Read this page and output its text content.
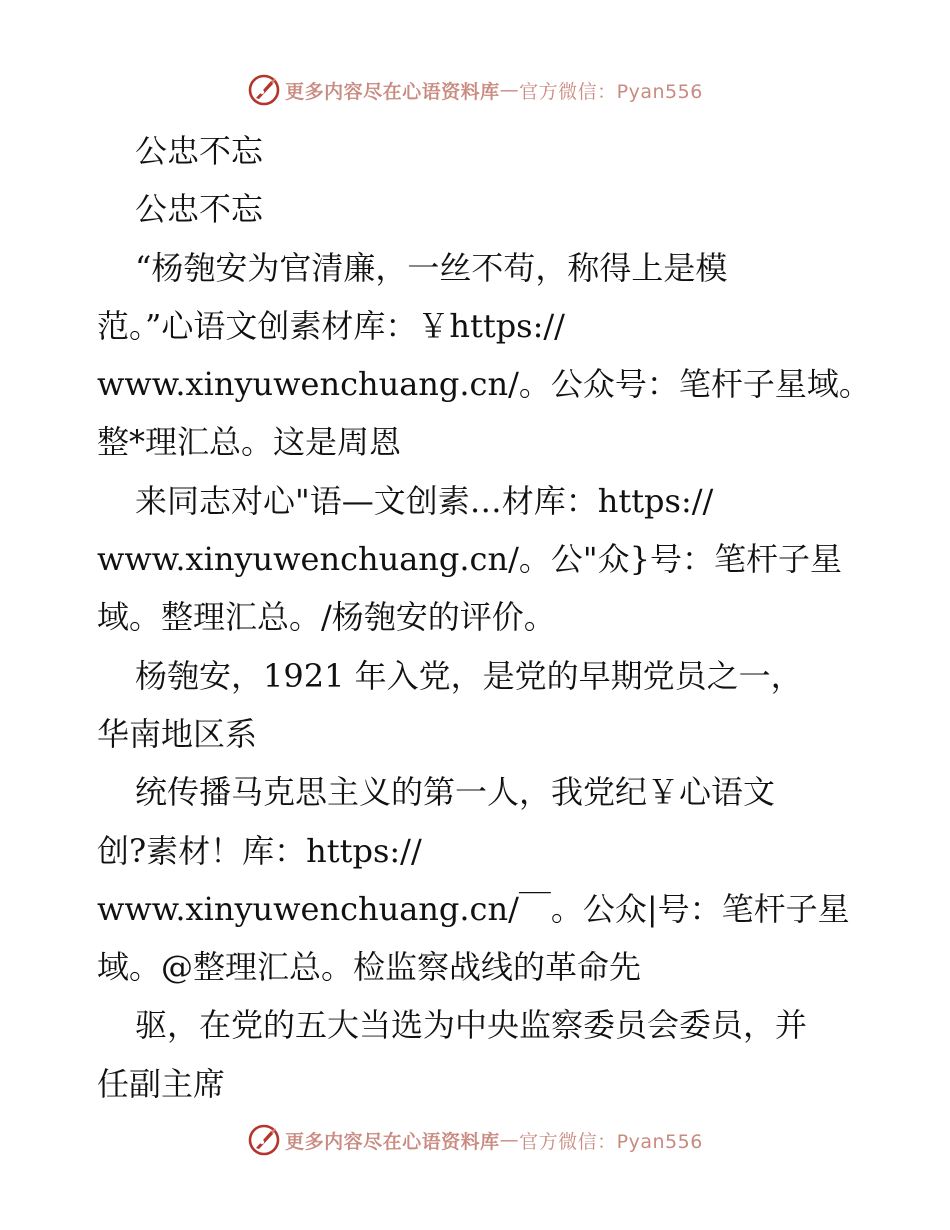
更多内容尽在心语资料库 — 官方微信：Pyan556
公忠不忘
公忠不忘
“杨匏安为官清廉，一丝不苟，称得上是模
范。”心语文创素材库：￥https://
www.xinyuwenchuang.cn/。公众号：笔杆子星域。
整*理汇总。这是周恩
来同志对心"语—文创素…材库：https://
www.xinyuwenchuang.cn/。公"众}号：笔杆子星
域。整理汇总。/杨匏安的评价。
杨匏安，1921 年入党，是党的早期党员之一，
华南地区系
统传播马克思主义的第一人，我党纪￥心语文
创?素材！库：https://
www.xinyuwenchuang.cn/￣。公众|号：笔杆子星
域。@整理汇总。检监察战线的革命先
驱，在党的五大当选为中央监察委员会委员，并
任副主席
更多内容尽在心语资料库 — 官方微信：Pyan556
